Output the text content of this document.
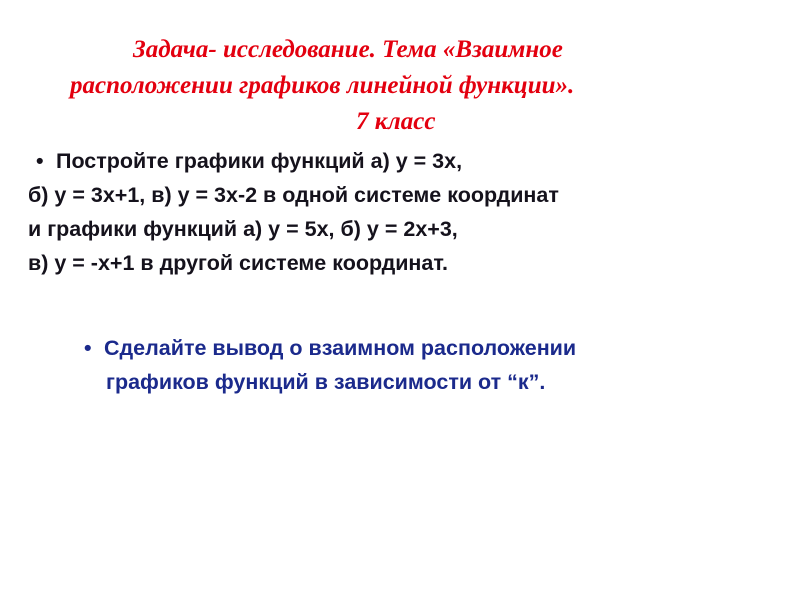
Задача- исследование. Тема «Взаимное
расположении графиков линейной функции».
7 класс
• Постройте графики функций а) у = 3х,
б) у = 3х+1, в) у = 3х-2 в одной системе координат
и графики функций а) у = 5х, б) у = 2х+3,
в) у = -х+1 в другой системе координат.
• Сделайте вывод о взаимном расположении
графиков функций в зависимости от “к”.
